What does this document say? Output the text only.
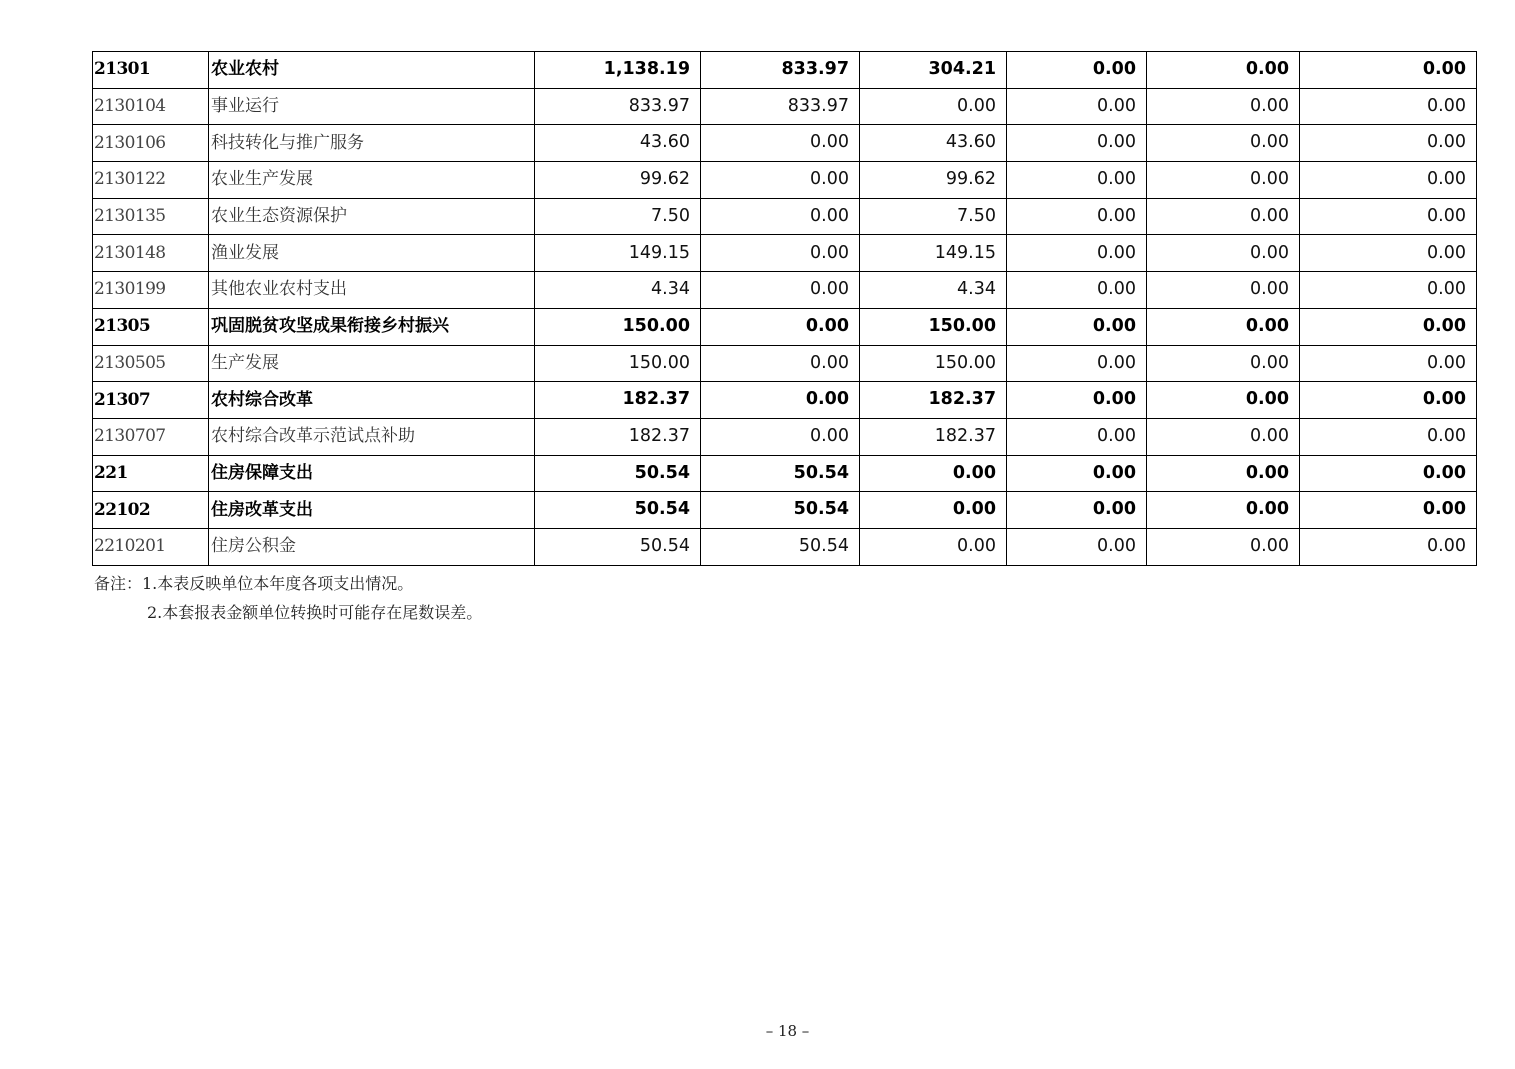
21301	农业农村	1,138.19	833.97	304.21	0.00	0.00	0.00
2130104	事业运行	833.97	833.97	0.00	0.00	0.00	0.00
2130106	科技转化与推广服务	43.60	0.00	43.60	0.00	0.00	0.00
2130122	农业生产发展	99.62	0.00	99.62	0.00	0.00	0.00
2130135	农业生态资源保护	7.50	0.00	7.50	0.00	0.00	0.00
2130148	渔业发展	149.15	0.00	149.15	0.00	0.00	0.00
2130199	其他农业农村支出	4.34	0.00	4.34	0.00	0.00	0.00
21305	巩固脱贫攻坚成果衔接乡村振兴	150.00	0.00	150.00	0.00	0.00	0.00
2130505	生产发展	150.00	0.00	150.00	0.00	0.00	0.00
21307	农村综合改革	182.37	0.00	182.37	0.00	0.00	0.00
2130707	农村综合改革示范试点补助	182.37	0.00	182.37	0.00	0.00	0.00
221	住房保障支出	50.54	50.54	0.00	0.00	0.00	0.00
22102	住房改革支出	50.54	50.54	0.00	0.00	0.00	0.00
2210201	住房公积金	50.54	50.54	0.00	0.00	0.00	0.00
备注：1.本表反映单位本年度各项支出情况。
2.本套报表金额单位转换时可能存在尾数误差。
– 18 –
